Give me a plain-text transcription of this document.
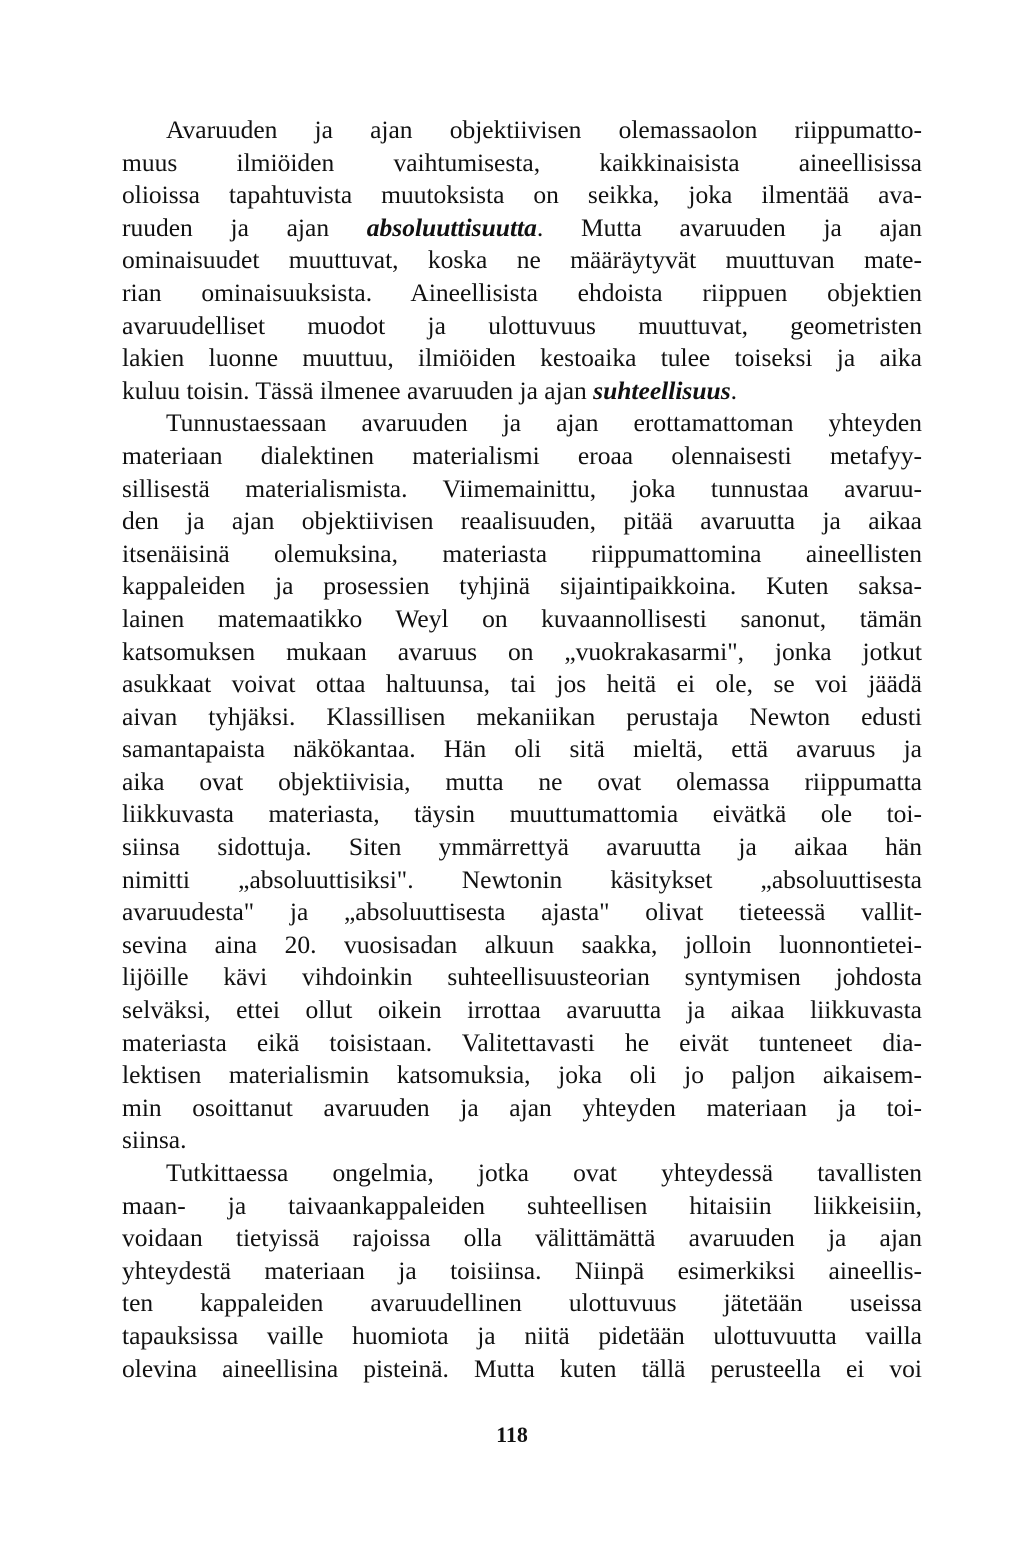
Avaruuden ja ajan objektiivisen olemassaolon riippumatto-
muus ilmiöiden vaihtumisesta, kaikkinaisista aineellisissa
olioissa tapahtuvista muutoksista on seikka, joka ilmentää ava-
ruuden ja ajan absoluuttisuutta. Mutta avaruuden ja ajan
ominaisuudet muuttuvat, koska ne määräytyvät muuttuvan mate-
rian ominaisuuksista. Aineellisista ehdoista riippuen objektien
avaruudelliset muodot ja ulottuvuus muuttuvat, geometristen
lakien luonne muuttuu, ilmiöiden kestoaika tulee toiseksi ja aika
kuluu toisin. Tässä ilmenee avaruuden ja ajan suhteellisuus.
Tunnustaessaan avaruuden ja ajan erottamattoman yhteyden
materiaan dialektinen materialismi eroaa olennaisesti metafyy-
sillisestä materialismista. Viimemainittu, joka tunnustaa avaruu-
den ja ajan objektiivisen reaalisuuden, pitää avaruutta ja aikaa
itsenäisinä olemuksina, materiasta riippumattomina aineellisten
kappaleiden ja prosessien tyhjinä sijaintipaikkoina. Kuten saksa-
lainen matemaatikko Weyl on kuvaannollisesti sanonut, tämän
katsomuksen mukaan avaruus on „vuokrakasarmi", jonka jotkut
asukkaat voivat ottaa haltuunsa, tai jos heitä ei ole, se voi jäädä
aivan tyhjäksi. Klassillisen mekaniikan perustaja Newton edusti
samantapaista näkökantaa. Hän oli sitä mieltä, että avaruus ja
aika ovat objektiivisia, mutta ne ovat olemassa riippumatta
liikkuvasta materiasta, täysin muuttumattomia eivätkä ole toi-
siinsa sidottuja. Siten ymmärrettyä avaruutta ja aikaa hän
nimitti „absoluuttisiksi". Newtonin käsitykset „absoluuttisesta
avaruudesta" ja „absoluuttisesta ajasta" olivat tieteessä vallit-
sevina aina 20. vuosisadan alkuun saakka, jolloin luonnontietei-
lijöille kävi vihdoinkin suhteellisuusteorian syntymisen johdosta
selväksi, ettei ollut oikein irrottaa avaruutta ja aikaa liikkuvasta
materiasta eikä toisistaan. Valitettavasti he eivät tunteneet dia-
lektisen materialismin katsomuksia, joka oli jo paljon aikaisem-
min osoittanut avaruuden ja ajan yhteyden materiaan ja toi-
siinsa.
Tutkittaessa ongelmia, jotka ovat yhteydessä tavallisten
maan- ja taivaankappaleiden suhteellisen hitaisiin liikkeisiin,
voidaan tietyissä rajoissa olla välittämättä avaruuden ja ajan
yhteydestä materiaan ja toisiinsa. Niinpä esimerkiksi aineellis-
ten kappaleiden avaruudellinen ulottuvuus jätetään useissa
tapauksissa vaille huomiota ja niitä pidetään ulottuvuutta vailla
olevina aineellisina pisteinä. Mutta kuten tällä perusteella ei voi
118
